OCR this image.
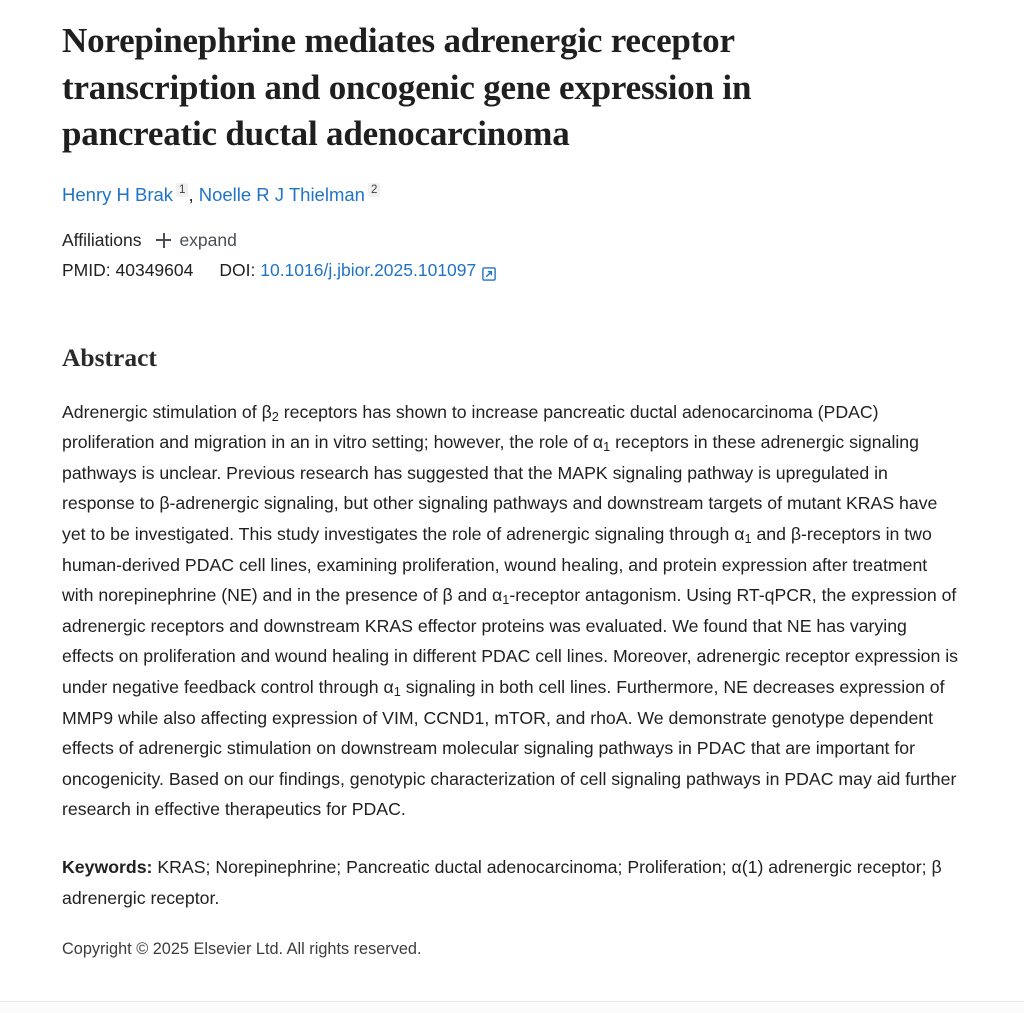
Norepinephrine mediates adrenergic receptor transcription and oncogenic gene expression in pancreatic ductal adenocarcinoma
Henry H Brak $^1$ , Noelle R J Thielman $^2$
Affiliations expand
PMID: 40349604 DOI:
10.1016/j.jbior.2025.101097
Abstract
Adrenergic stimulation of $\beta_2$ receptors has shown to increase pancreatic ductal adenocarcinoma (PDAC) proliferation and migration in an in vitro setting; however, the role of $\alpha_1$ receptors in these adrenergic signaling pathways is unclear. Previous research has suggested that the MAPK signaling pathway is upregulated in response to β-adrenergic signaling, but other signaling pathways and downstream targets of mutant KRAS have yet to be investigated. This study investigates the role of adrenergic signaling through $\alpha_1$ and β-receptors in two human-derived PDAC cell lines, examining proliferation, wound healing, and protein expression after treatment with norepinephrine (NE) and in the presence of β and $\alpha_1$-receptor antagonism. Using RT-qPCR, the expression of adrenergic receptors and downstream KRAS effector proteins was evaluated. We found that NE has varying effects on proliferation and wound healing in different PDAC cell lines. Moreover, adrenergic receptor expression is under negative feedback control through $\alpha_1$ signaling in both cell lines. Furthermore, NE decreases expression of MMP9 while also affecting expression of VIM, CCND1, mTOR, and rhoA. We demonstrate genotype dependent effects of adrenergic stimulation on downstream molecular signaling pathways in PDAC that are important for oncogenicity. Based on our findings, genotypic characterization of cell signaling pathways in PDAC may aid further research in effective therapeutics for PDAC.
Keywords: KRAS; Norepinephrine; Pancreatic ductal adenocarcinoma; Proliferation; α(1) adrenergic receptor; β adrenergic receptor.
Copyright © 2025 Elsevier Ltd. All rights reserved.
